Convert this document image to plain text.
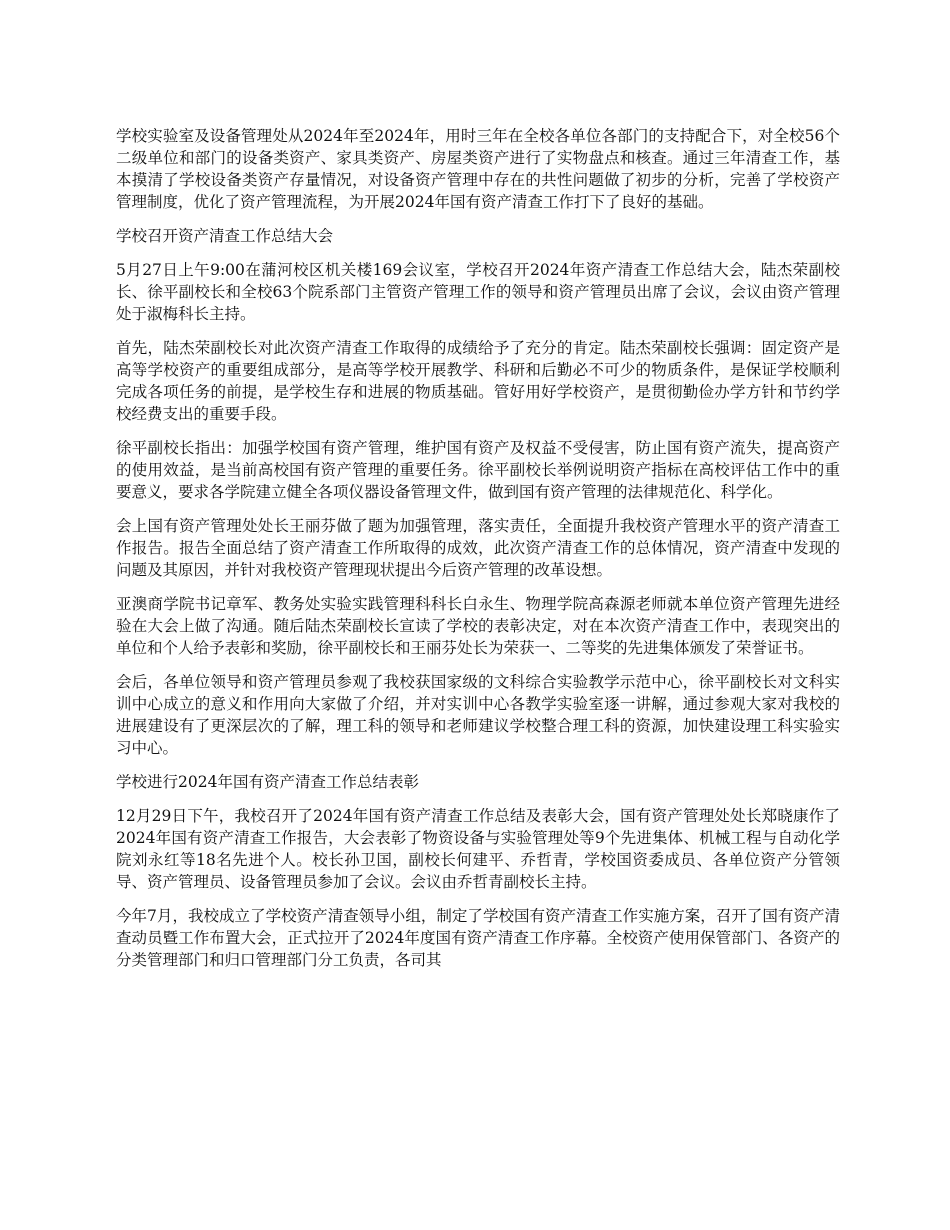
学校实验室及设备管理处从2024年至2024年，用时三年在全校各单位各部门的支持配合下，对全校56个二级单位和部门的设备类资产、家具类资产、房屋类资产进行了实物盘点和核查。通过三年清查工作，基本摸清了学校设备类资产存量情况，对设备资产管理中存在的共性问题做了初步的分析，完善了学校资产管理制度，优化了资产管理流程，为开展2024年国有资产清查工作打下了良好的基础。

学校召开资产清查工作总结大会

5月27日上午9:00在蒲河校区机关楼169会议室，学校召开2024年资产清查工作总结大会，陆杰荣副校长、徐平副校长和全校63个院系部门主管资产管理工作的领导和资产管理员出席了会议，会议由资产管理处于淑梅科长主持。

首先，陆杰荣副校长对此次资产清查工作取得的成绩给予了充分的肯定。陆杰荣副校长强调：固定资产是高等学校资产的重要组成部分，是高等学校开展教学、科研和后勤必不可少的物质条件，是保证学校顺利完成各项任务的前提，是学校生存和进展的物质基础。管好用好学校资产，是贯彻勤俭办学方针和节约学校经费支出的重要手段。

徐平副校长指出：加强学校国有资产管理，维护国有资产及权益不受侵害，防止国有资产流失，提高资产的使用效益，是当前高校国有资产管理的重要任务。徐平副校长举例说明资产指标在高校评估工作中的重要意义，要求各学院建立健全各项仪器设备管理文件，做到国有资产管理的法律规范化、科学化。

会上国有资产管理处处长王丽芬做了题为加强管理，落实责任，全面提升我校资产管理水平的资产清查工作报告。报告全面总结了资产清查工作所取得的成效，此次资产清查工作的总体情况，资产清查中发现的问题及其原因，并针对我校资产管理现状提出今后资产管理的改革设想。

亚澳商学院书记章军、教务处实验实践管理科科长白永生、物理学院高森源老师就本单位资产管理先进经验在大会上做了沟通。随后陆杰荣副校长宣读了学校的表彰决定，对在本次资产清查工作中，表现突出的单位和个人给予表彰和奖励，徐平副校长和王丽芬处长为荣获一、二等奖的先进集体颁发了荣誉证书。

会后，各单位领导和资产管理员参观了我校获国家级的文科综合实验教学示范中心，徐平副校长对文科实训中心成立的意义和作用向大家做了介绍，并对实训中心各教学实验室逐一讲解，通过参观大家对我校的进展建设有了更深层次的了解，理工科的领导和老师建议学校整合理工科的资源，加快建设理工科实验实习中心。

学校进行2024年国有资产清查工作总结表彰

12月29日下午，我校召开了2024年国有资产清查工作总结及表彰大会，国有资产管理处处长郑晓康作了2024年国有资产清查工作报告，大会表彰了物资设备与实验管理处等9个先进集体、机械工程与自动化学院刘永红等18名先进个人。校长孙卫国，副校长何建平、乔哲青，学校国资委成员、各单位资产分管领导、资产管理员、设备管理员参加了会议。会议由乔哲青副校长主持。

今年7月，我校成立了学校资产清查领导小组，制定了学校国有资产清查工作实施方案，召开了国有资产清查动员暨工作布置大会，正式拉开了2024年度国有资产清查工作序幕。全校资产使用保管部门、各资产的分类管理部门和归口管理部门分工负责，各司其
